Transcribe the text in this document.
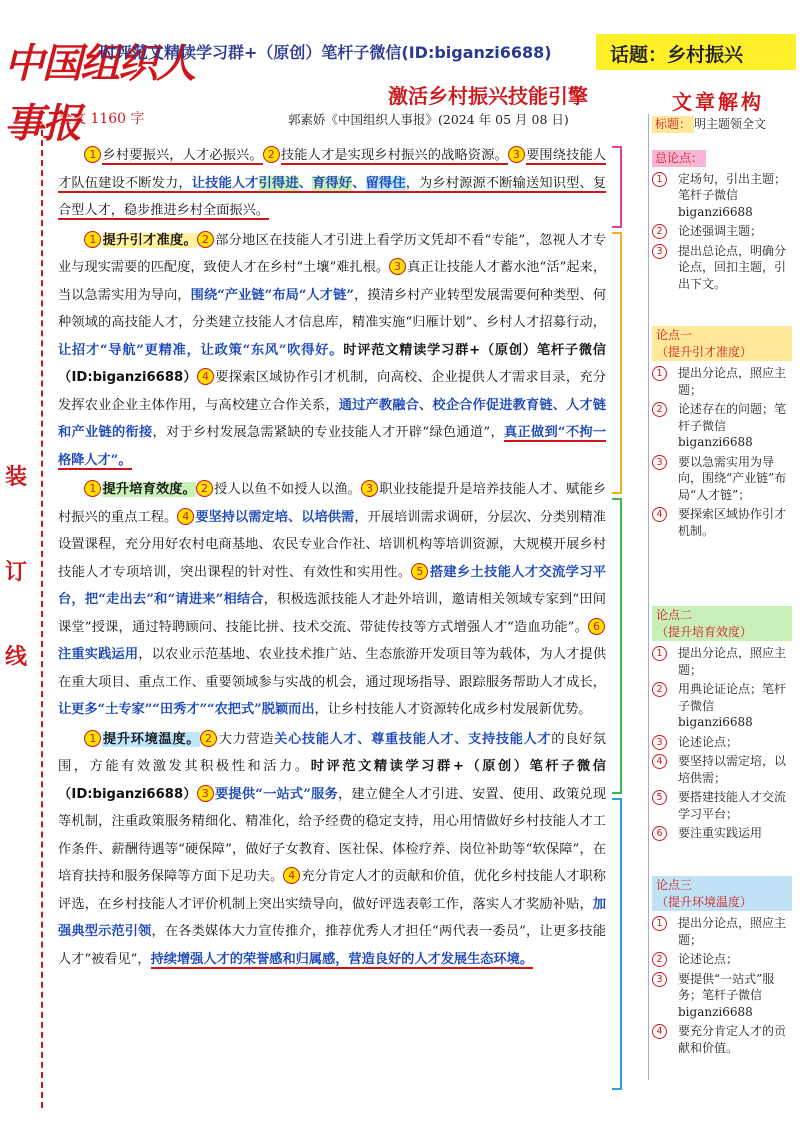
中国组织人事报
时评范文精读学习群+（原创）笔杆子微信(ID:biganzi6688)	话题：乡村振兴
激活乡村振兴技能引擎
全文 1160 字	郭素娇《中国组织人事报》(2024 年 05 月 08 日)
装
订
线

1 乡村要振兴，人才必振兴。 2 技能人才是实现乡村振兴的战略资源。 3 要围绕技能人才队伍建设不断发力，让技能人才引得进、育得好、留得住，为乡村源源不断输送知识型、复合型人才，稳步推进乡村全面振兴。

1 提升引才准度。 2 部分地区在技能人才引进上看学历文凭却不看“专能”，忽视人才专业与现实需要的匹配度，致使人才在乡村“土壤”难扎根。 3 真正让技能人才蓄水池“活”起来，当以急需实用为导向，围绕“产业链”布局“人才链”，摸清乡村产业转型发展需要何种类型、何种领域的高技能人才，分类建立技能人才信息库，精准实施“归雁计划”、乡村人才招募行动，让招才“导航”更精准，让政策“东风”吹得好。时评范文精读学习群+（原创）笔杆子微信（ID:biganzi6688） 4 要探索区域协作引才机制，向高校、企业提供人才需求目录，充分发挥农业企业主体作用，与高校建立合作关系，通过产教融合、校企合作促进教育链、人才链和产业链的衔接，对于乡村发展急需紧缺的专业技能人才开辟“绿色通道”，真正做到“不拘一格降人才”。

1 提升培育效度。 2 授人以鱼不如授人以渔。 3 职业技能提升是培养技能人才、赋能乡村振兴的重点工程。 4 要坚持以需定培、以培供需，开展培训需求调研，分层次、分类别精准设置课程，充分用好农村电商基地、农民专业合作社、培训机构等培训资源，大规模开展乡村技能人才专项培训，突出课程的针对性、有效性和实用性。 5 搭建乡土技能人才交流学习平台，把“走出去”和“请进来”相结合，积极选派技能人才赴外培训，邀请相关领域专家到“田间课堂”授课，通过特聘顾问、技能比拼、技术交流、带徒传技等方式增强人才“造血功能”。 6注重实践运用，以农业示范基地、农业技术推广站、生态旅游开发项目等为载体，为人才提供在重大项目、重点工作、重要领域参与实战的机会，通过现场指导、跟踪服务帮助人才成长，让更多“土专家”“田秀才”“农把式”脱颖而出，让乡村技能人才资源转化成乡村发展新优势。

1 提升环境温度。 2 大力营造关心技能人才、尊重技能人才、支持技能人才的良好氛围，方能有效激发其积极性和活力。时评范文精读学习群+（原创）笔杆子微信（ID:biganzi6688） 3 要提供“一站式”服务，建立健全人才引进、安置、使用、政策兑现等机制，注重政策服务精细化、精准化，给予经费的稳定支持，用心用情做好乡村技能人才工作条件、薪酬待遇等“硬保障”，做好子女教育、医社保、体检疗养、岗位补助等“软保障”，在培育扶持和服务保障等方面下足功夫。 4 充分肯定人才的贡献和价值，优化乡村技能人才职称评选，在乡村技能人才评价机制上突出实绩导向，做好评选表彰工作，落实人才奖励补贴，加强典型示范引领，在各类媒体大力宣传推介，推荐优秀人才担任“两代表一委员”，让更多技能人才“被看见”，持续增强人才的荣誉感和归属感，营造良好的人才发展生态环境。

文章解构
标题： 明主题领全文
总论点：
1	定场句，引出主题；笔杆子微信 biganzi6688
2	论述强调主题；
3	提出总论点，明确分论点，回扣主题，引出下文。
论点一
（提升引才准度）
1	提出分论点，照应主题；
2	论述存在的问题；笔杆子微信 biganzi6688
3	要以急需实用为导向，围绕“产业链”布局“人才链”；
4	要探索区域协作引才机制。
论点二
（提升培育效度）
1	提出分论点，照应主题；
2	用典论证论点；笔杆子微信 biganzi6688
3	论述论点；
4	要坚持以需定培，以培供需；
5	要搭建技能人才交流学习平台；
6	要注重实践运用
论点三
（提升环境温度）
1	提出分论点，照应主题；
2	论述论点；
3	要提供“一站式”服务；笔杆子微信 biganzi6688
4	要充分肯定人才的贡献和价值。
